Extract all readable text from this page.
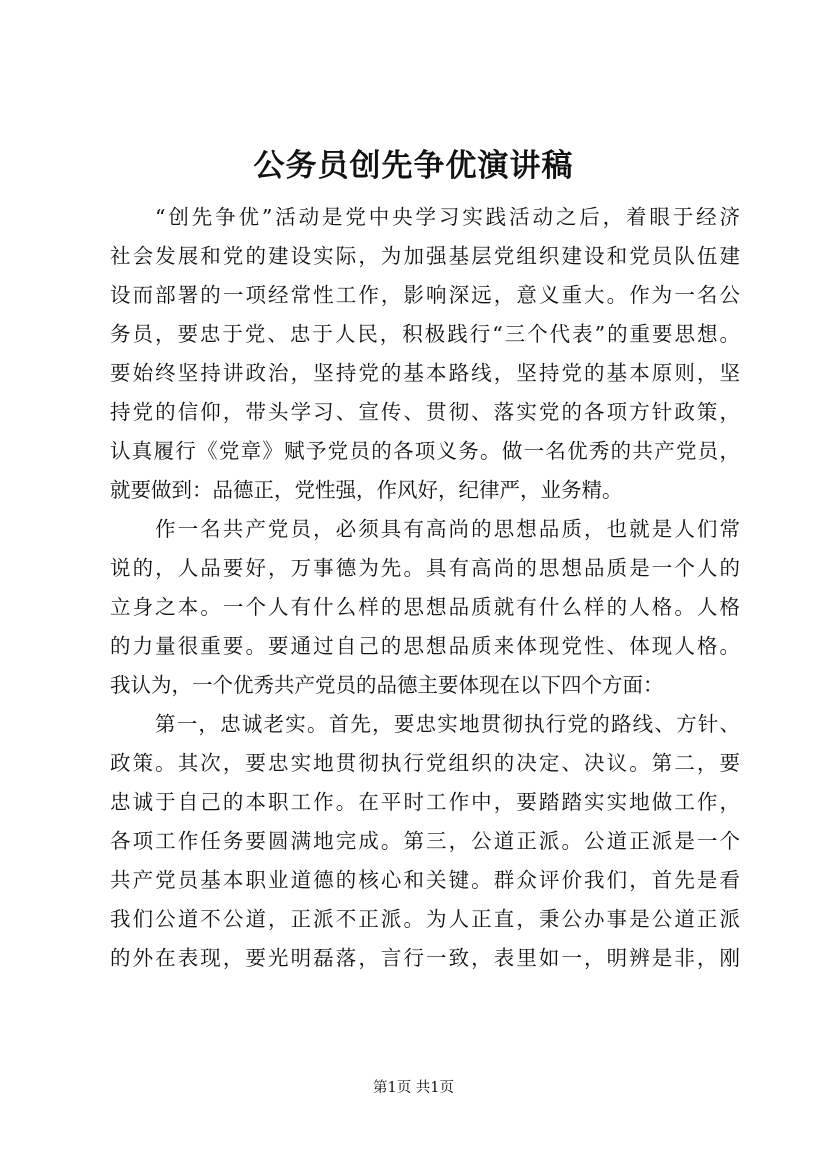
公务员创先争优演讲稿
“创先争优”活动是党中央学习实践活动之后，着眼于经济
社会发展和党的建设实际，为加强基层党组织建设和党员队伍建
设而部署的一项经常性工作，影响深远，意义重大。作为一名公
务员，要忠于党、忠于人民，积极践行“三个代表”的重要思想。
要始终坚持讲政治，坚持党的基本路线，坚持党的基本原则，坚
持党的信仰，带头学习、宣传、贯彻、落实党的各项方针政策，
认真履行《党章》赋予党员的各项义务。做一名优秀的共产党员，
就要做到：品德正，党性强，作风好，纪律严，业务精。
作一名共产党员，必须具有高尚的思想品质，也就是人们常
说的，人品要好，万事德为先。具有高尚的思想品质是一个人的
立身之本。一个人有什么样的思想品质就有什么样的人格。人格
的力量很重要。要通过自己的思想品质来体现党性、体现人格。
我认为，一个优秀共产党员的品德主要体现在以下四个方面：
第一，忠诚老实。首先，要忠实地贯彻执行党的路线、方针、
政策。其次，要忠实地贯彻执行党组织的决定、决议。第二，要
忠诚于自己的本职工作。在平时工作中，要踏踏实实地做工作，
各项工作任务要圆满地完成。第三，公道正派。公道正派是一个
共产党员基本职业道德的核心和关键。群众评价我们，首先是看
我们公道不公道，正派不正派。为人正直，秉公办事是公道正派
的外在表现，要光明磊落，言行一致，表里如一，明辨是非，刚
第1页 共1页
